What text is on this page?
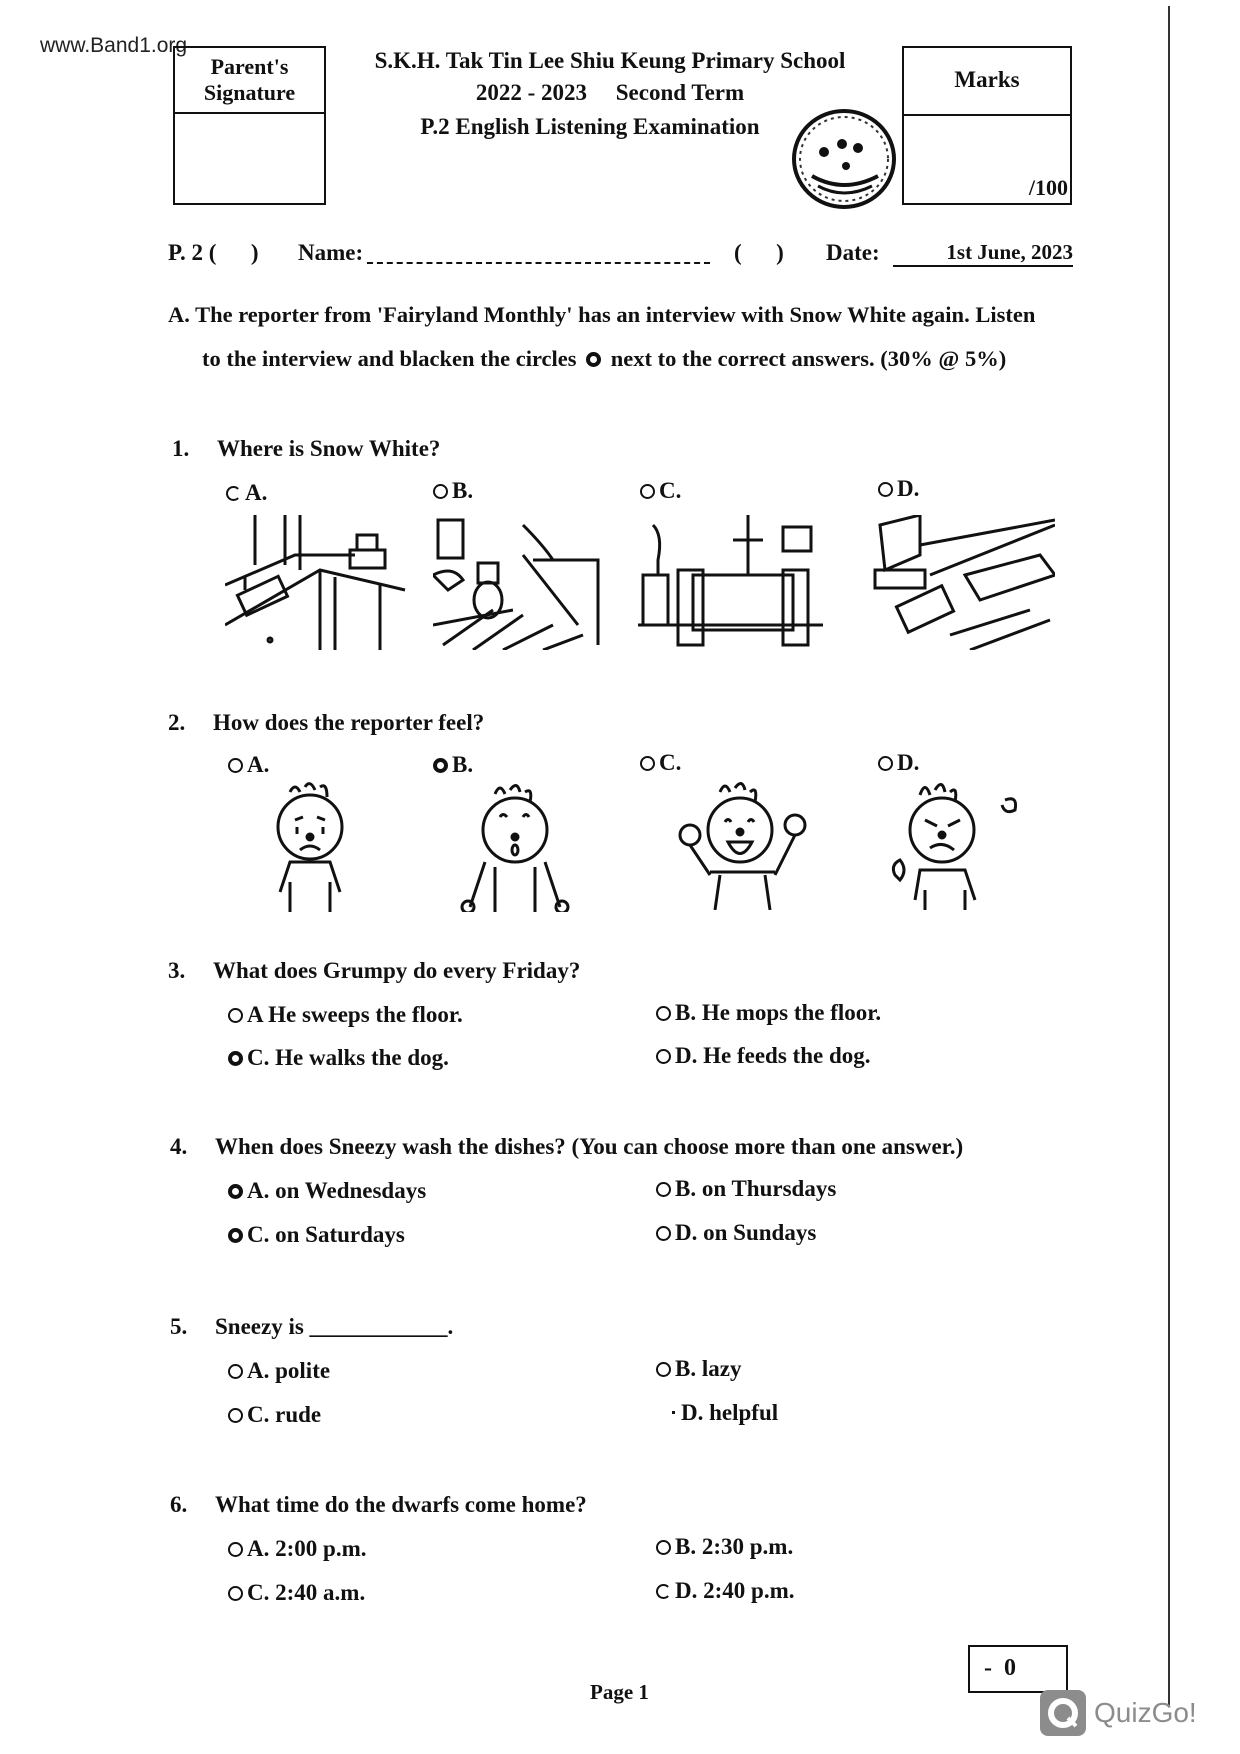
www.Band1.org
Parent's Signature
S.K.H. Tak Tin Lee Shiu Keung Primary School
2022 - 2023     Second Term
P.2 English Listening Examination
Marks
/100
P. 2 (      ) Name:	(      ) Date:	1st June, 2023
A. The reporter from 'Fairyland Monthly' has an interview with Snow White again. Listen
to the interview and blacken the circles next to the correct answers. (30% @ 5%)
1. Where is Snow White?
A.	B.	C.	D.
2. How does the reporter feel?
A.	B.	C.	D.
3. What does Grumpy do every Friday?
A He sweeps the floor.	B. He mops the floor.
C. He walks the dog.	D. He feeds the dog.
4. When does Sneezy wash the dishes? (You can choose more than one answer.)
A. on Wednesdays	B. on Thursdays
C. on Saturdays	D. on Sundays
5. Sneezy is ____________.
A. polite	B. lazy
C. rude	D. helpful
6. What time do the dwarfs come home?
A. 2:00 p.m.	B. 2:30 p.m.
C. 2:40 a.m.	D. 2:40 p.m.
-  0
Page 1
QuizGo!
